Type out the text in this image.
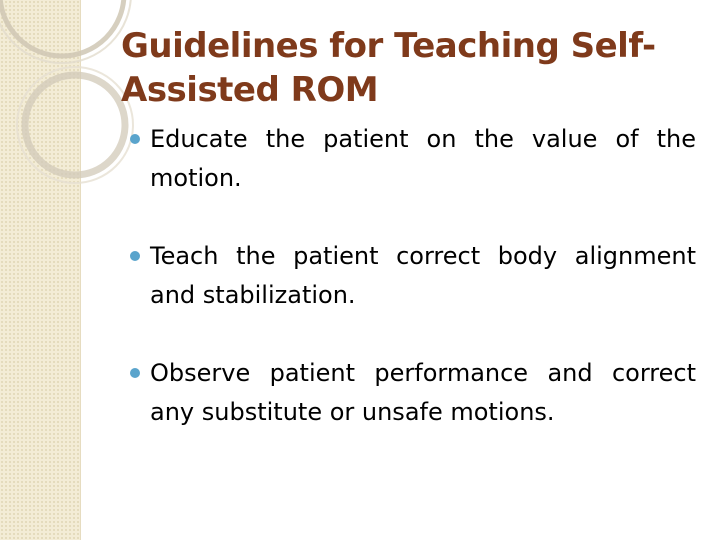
Guidelines for Teaching Self-Assisted ROM
Educate the patient on the value of the motion.
Teach the patient correct body alignment and stabilization.
Observe patient performance and correct any substitute or unsafe motions.
